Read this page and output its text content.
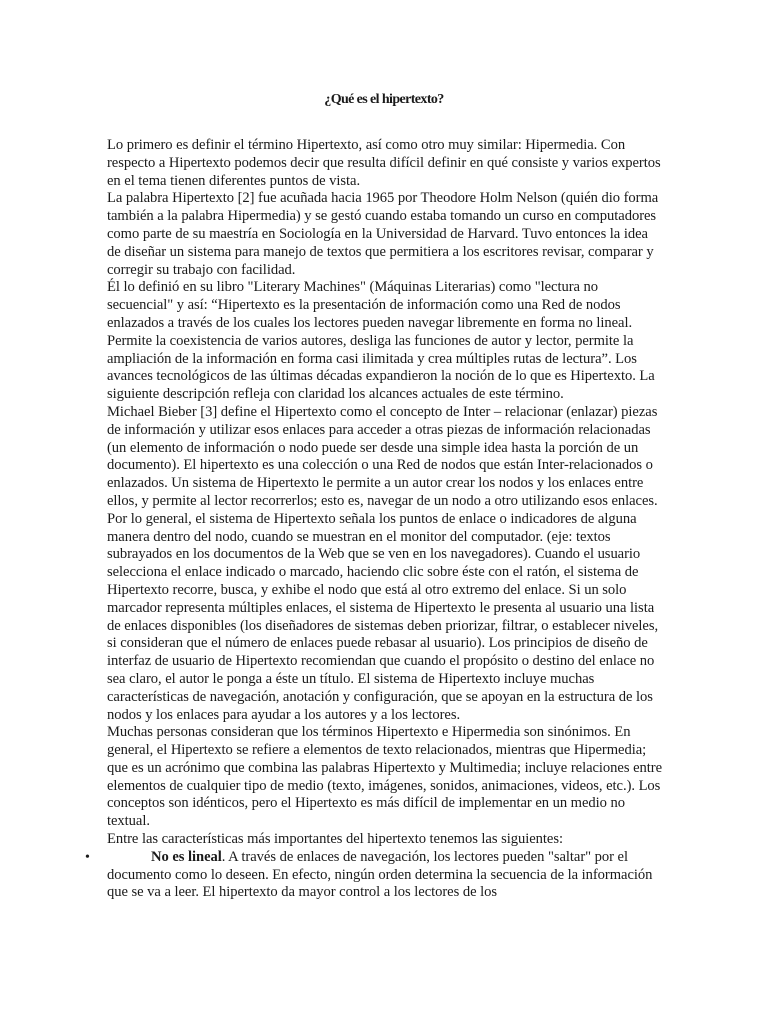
¿Qué es el hipertexto?

Lo primero es definir el término Hipertexto, así como otro muy similar: Hipermedia. Con respecto a Hipertexto podemos decir que resulta difícil definir en qué consiste y varios expertos en el tema tienen diferentes puntos de vista.

La palabra Hipertexto [2] fue acuñada hacia 1965 por Theodore Holm Nelson (quién dio forma también a la palabra Hipermedia) y se gestó cuando estaba tomando un curso en computadores como parte de su maestría en Sociología en la Universidad de Harvard. Tuvo entonces la idea de diseñar un sistema para manejo de textos que permitiera a los escritores revisar, comparar y corregir su trabajo con facilidad.

Él lo definió en su libro "Literary Machines" (Máquinas Literarias) como "lectura no secuencial" y así: “Hipertexto es la presentación de información como una Red de nodos enlazados a través de los cuales los lectores pueden navegar libremente en forma no lineal. Permite la coexistencia de varios autores, desliga las funciones de autor y lector, permite la ampliación de la información en forma casi ilimitada y crea múltiples rutas de lectura”. Los avances tecnológicos de las últimas décadas expandieron la noción de lo que es Hipertexto. La siguiente descripción refleja con claridad los alcances actuales de este término.

Michael Bieber [3] define el Hipertexto como el concepto de Inter – relacionar (enlazar) piezas de información y utilizar esos enlaces para acceder a otras piezas de información relacionadas (un elemento de información o nodo puede ser desde una simple idea hasta la porción de un documento). El hipertexto es una colección o una Red de nodos que están Inter-relacionados o enlazados. Un sistema de Hipertexto le permite a un autor crear los nodos y los enlaces entre ellos, y permite al lector recorrerlos; esto es, navegar de un nodo a otro utilizando esos enlaces. Por lo general, el sistema de Hipertexto señala los puntos de enlace o indicadores de alguna manera dentro del nodo, cuando se muestran en el monitor del computador. (eje: textos subrayados en los documentos de la Web que se ven en los navegadores). Cuando el usuario selecciona el enlace indicado o marcado, haciendo clic sobre éste con el ratón, el sistema de Hipertexto recorre, busca, y exhibe el nodo que está al otro extremo del enlace. Si un solo marcador representa múltiples enlaces, el sistema de Hipertexto le presenta al usuario una lista de enlaces disponibles (los diseñadores de sistemas deben priorizar, filtrar, o establecer niveles, si consideran que el número de enlaces puede rebasar al usuario). Los principios de diseño de interfaz de usuario de Hipertexto recomiendan que cuando el propósito o destino del enlace no sea claro, el autor le ponga a éste un título. El sistema de Hipertexto incluye muchas características de navegación, anotación y configuración, que se apoyan en la estructura de los nodos y los enlaces para ayudar a los autores y a los lectores.

Muchas personas consideran que los términos Hipertexto e Hipermedia son sinónimos. En general, el Hipertexto se refiere a elementos de texto relacionados, mientras que Hipermedia; que es un acrónimo que combina las palabras Hipertexto y Multimedia; incluye relaciones entre elementos de cualquier tipo de medio (texto, imágenes, sonidos, animaciones, videos, etc.). Los conceptos son idénticos, pero el Hipertexto es más difícil de implementar en un medio no textual.

Entre las características más importantes del hipertexto tenemos las siguientes:

•	No es lineal. A través de enlaces de navegación, los lectores pueden "saltar" por el documento como lo deseen. En efecto, ningún orden determina la secuencia de la información que se va a leer. El hipertexto da mayor control a los lectores de los
